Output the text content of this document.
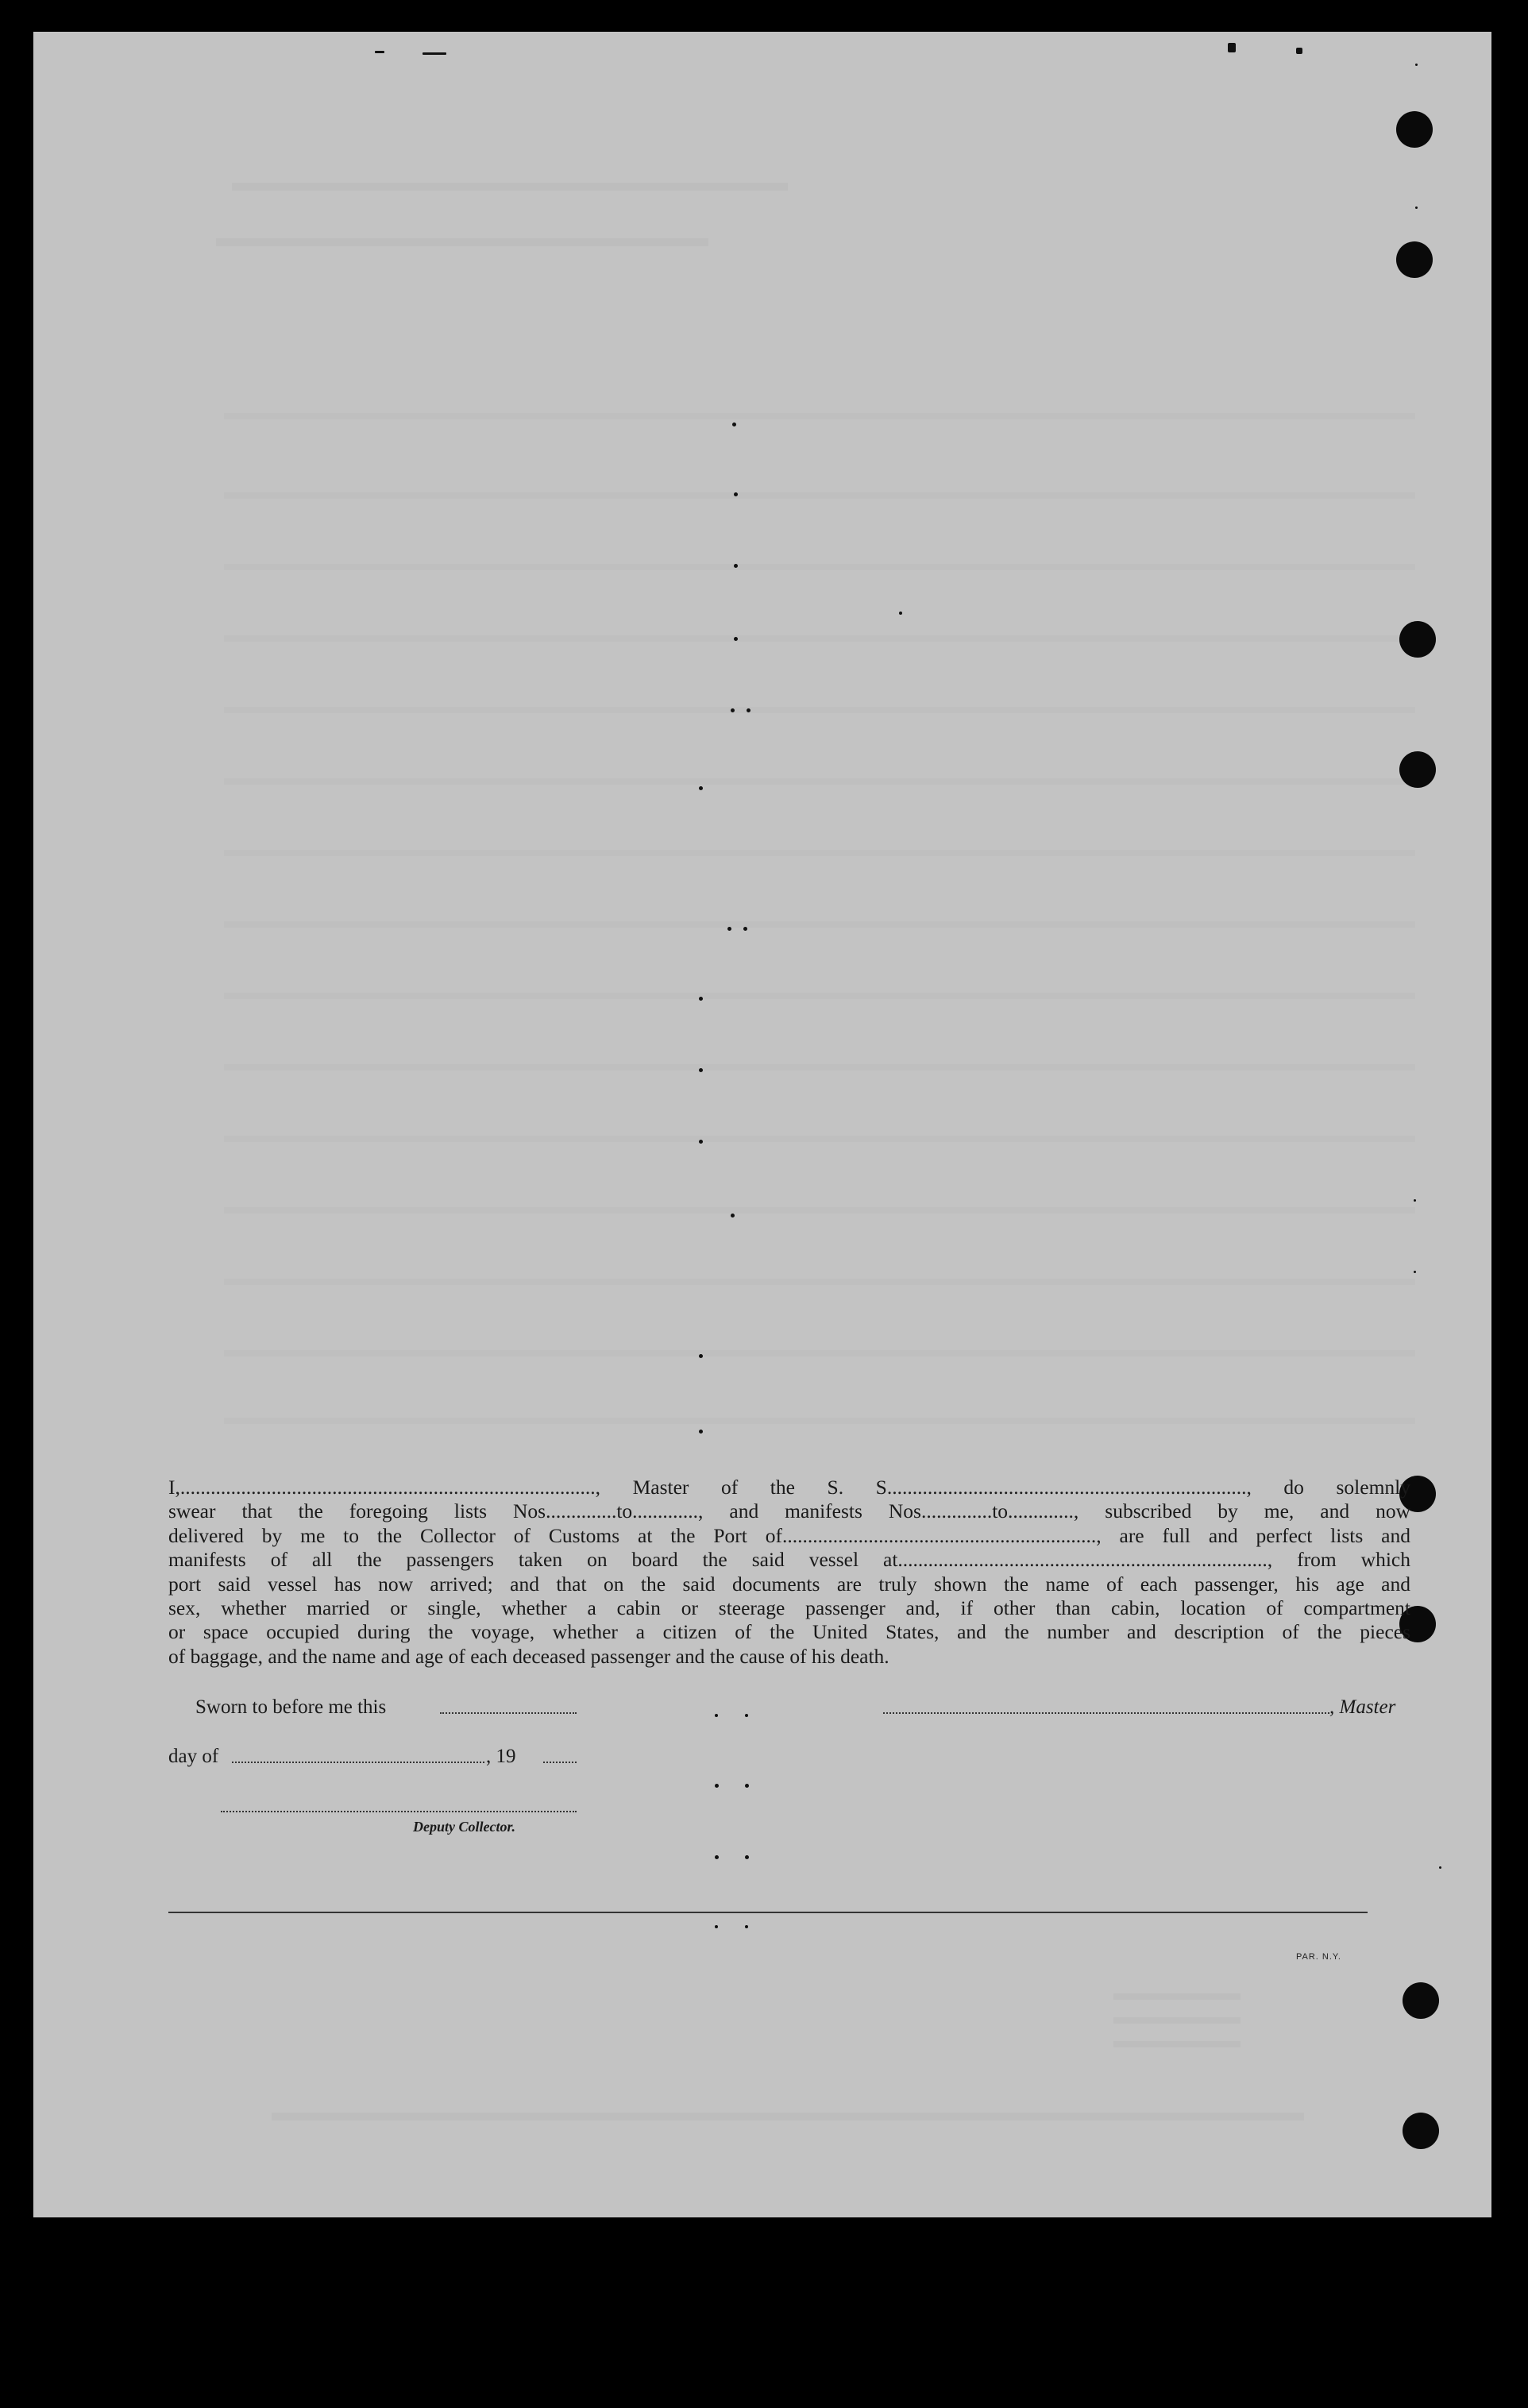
I,.................................................................................., Master of the S. S......................................................................., do solemnly
swear that the foregoing lists Nos..............to............., and manifests Nos..............to............., subscribed by me, and now
delivered by me to the Collector of Customs at the Port of.............................................................., are full and perfect lists and
manifests of all the passengers taken on board the said vessel at........................................................................., from which
port said vessel has now arrived; and that on the said documents are truly shown the name of each passenger, his age and
sex, whether married or single, whether a cabin or steerage passenger and, if other than cabin, location of compartment
or space occupied during the voyage, whether a citizen of the United States, and the number and description of the pieces
of baggage, and the name and age of each deceased passenger and the cause of his death.
Sworn to before me this	, Master
day of	, 19
Deputy Collector.
PAR. N.Y.
